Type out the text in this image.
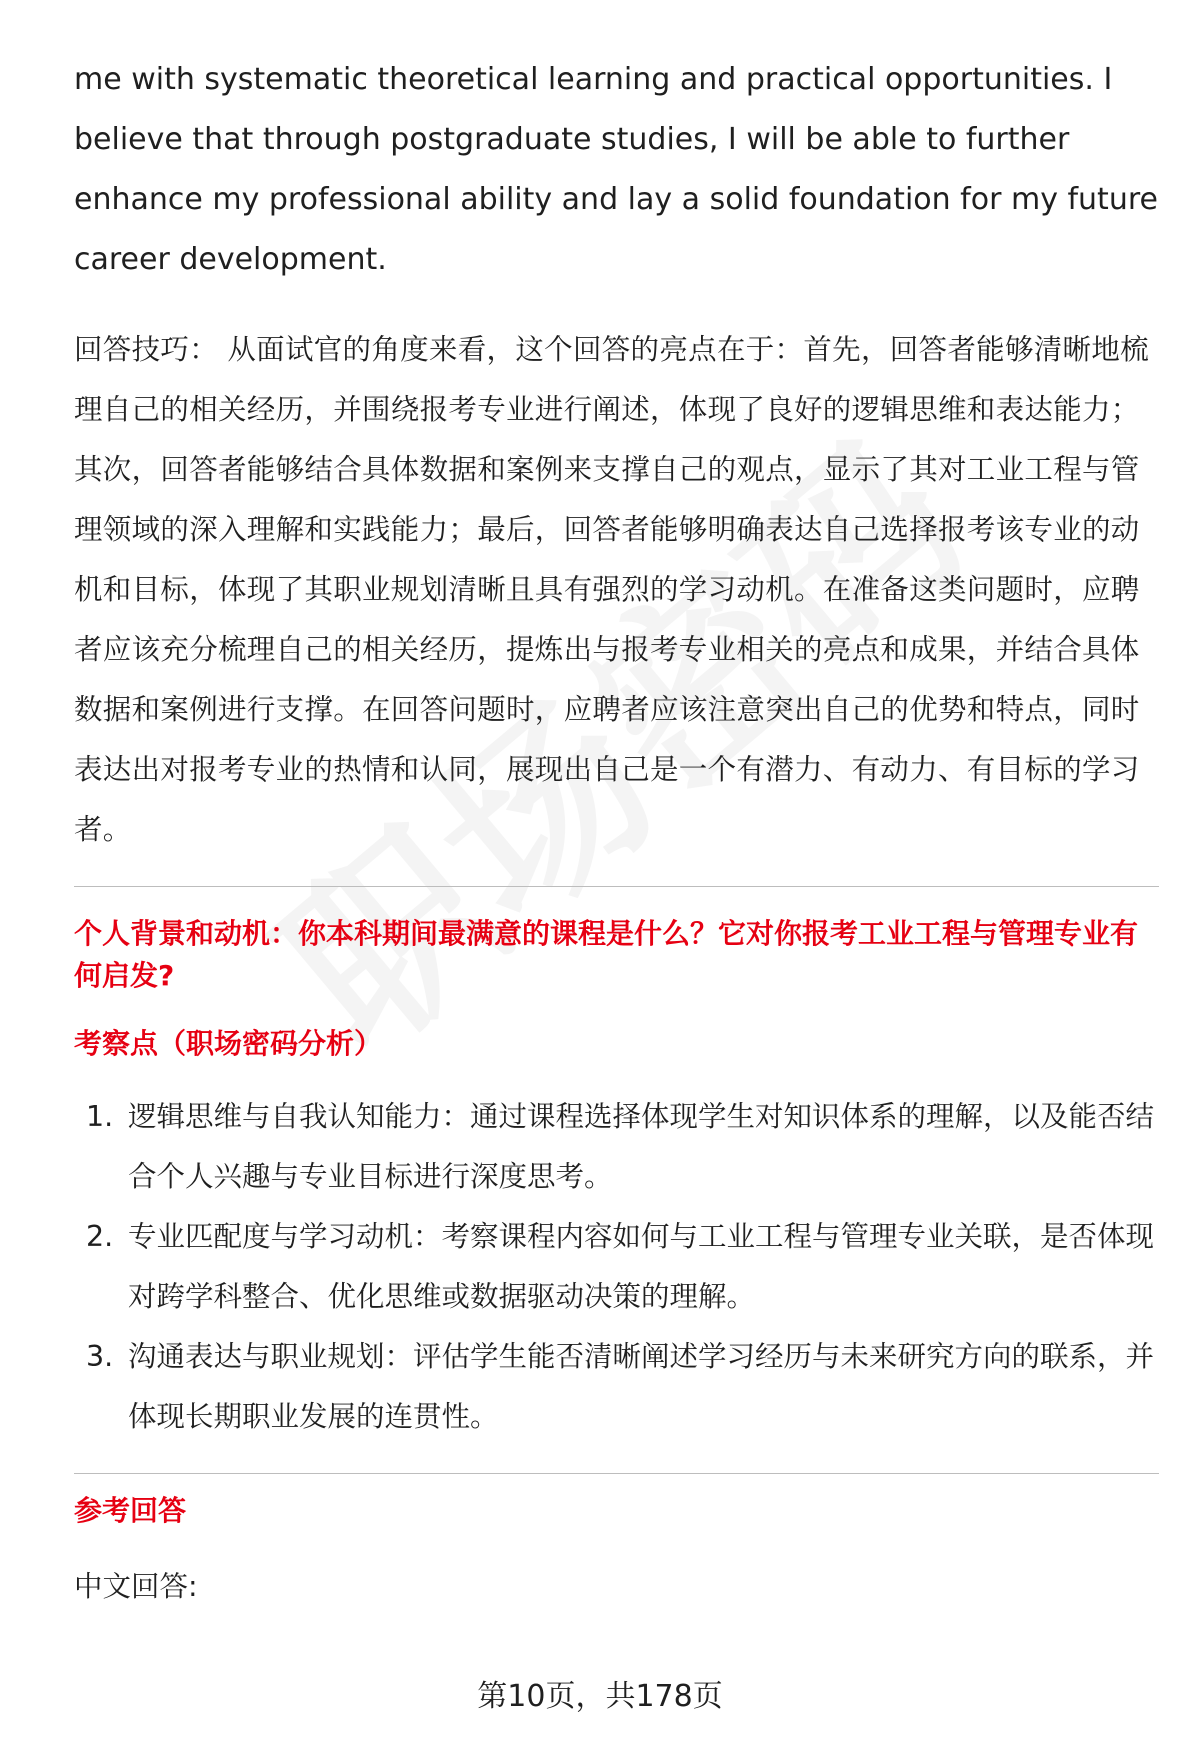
me with systematic theoretical learning and practical opportunities. I believe that through postgraduate studies, I will be able to further enhance my professional ability and lay a solid foundation for my future career development.

回答技巧： 从面试官的角度来看，这个回答的亮点在于：首先，回答者能够清晰地梳理自己的相关经历，并围绕报考专业进行阐述，体现了良好的逻辑思维和表达能力；其次，回答者能够结合具体数据和案例来支撑自己的观点，显示了其对工业工程与管理领域的深入理解和实践能力；最后，回答者能够明确表达自己选择报考该专业的动机和目标，体现了其职业规划清晰且具有强烈的学习动机。在准备这类问题时，应聘者应该充分梳理自己的相关经历，提炼出与报考专业相关的亮点和成果，并结合具体数据和案例进行支撑。在回答问题时，应聘者应该注意突出自己的优势和特点，同时表达出对报考专业的热情和认同，展现出自己是一个有潜力、有动力、有目标的学习者。

个人背景和动机：你本科期间最满意的课程是什么？它对你报考工业工程与管理专业有何启发?
考察点（职场密码分析）
1. 逻辑思维与自我认知能力：通过课程选择体现学生对知识体系的理解，以及能否结合个人兴趣与专业目标进行深度思考。
2. 专业匹配度与学习动机：考察课程内容如何与工业工程与管理专业关联，是否体现对跨学科整合、优化思维或数据驱动决策的理解。
3. 沟通表达与职业规划：评估学生能否清晰阐述学习经历与未来研究方向的联系，并体现长期职业发展的连贯性。
参考回答
中文回答:
第10页，共178页
